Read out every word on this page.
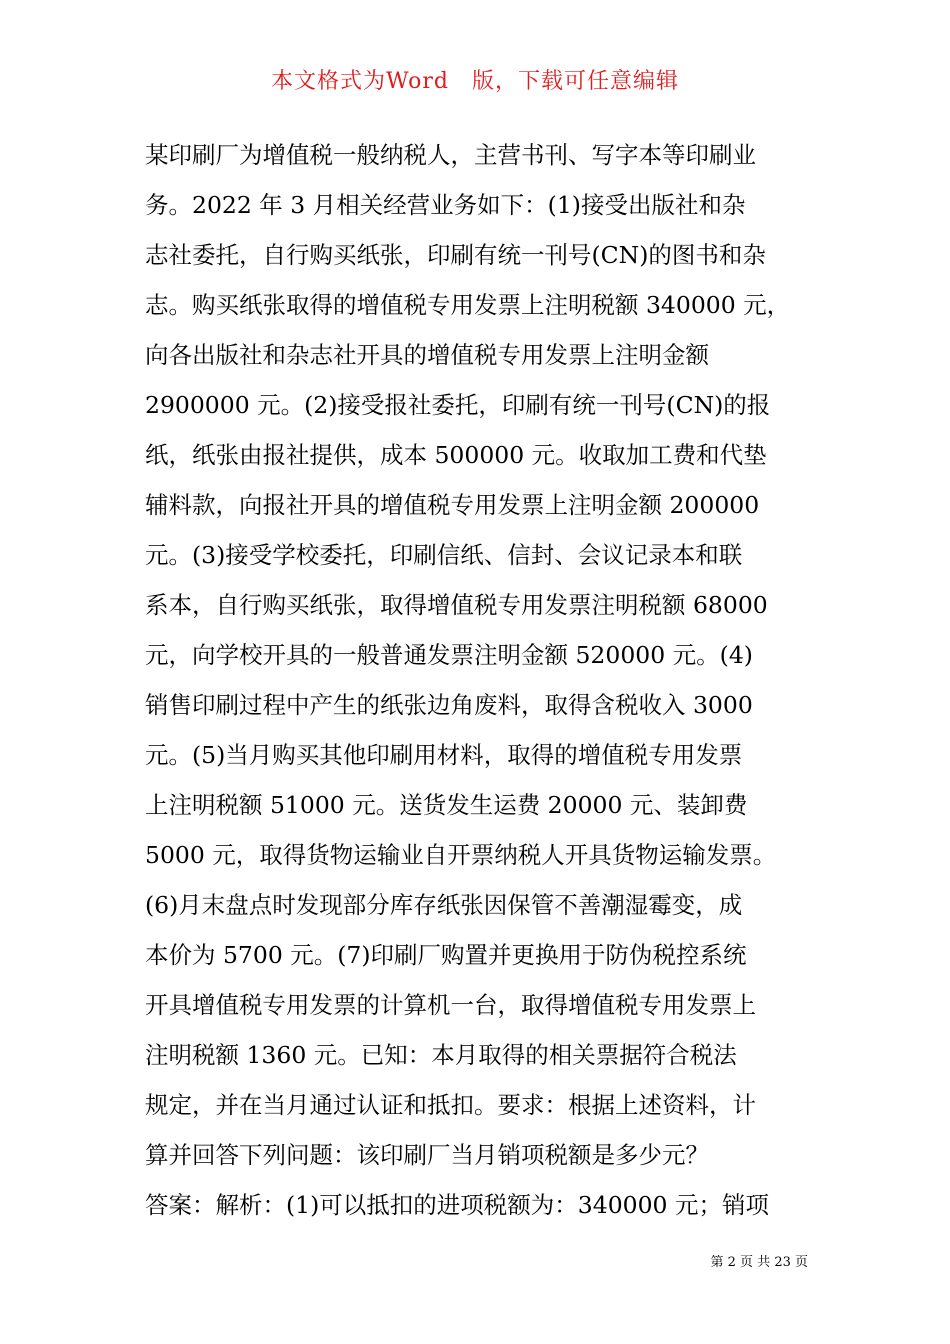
本文格式为Word　版，下载可任意编辑
某印刷厂为增值税一般纳税人，主营书刊、写字本等印刷业
务。2022 年 3 月相关经营业务如下：(1)接受出版社和杂
志社委托，自行购买纸张，印刷有统一刊号(CN)的图书和杂
志。购买纸张取得的增值税专用发票上注明税额 340000 元，
向各出版社和杂志社开具的增值税专用发票上注明金额
2900000 元。(2)接受报社委托，印刷有统一刊号(CN)的报
纸，纸张由报社提供，成本 500000 元。收取加工费和代垫
辅料款，向报社开具的增值税专用发票上注明金额 200000
元。(3)接受学校委托，印刷信纸、信封、会议记录本和联
系本，自行购买纸张，取得增值税专用发票注明税额 68000
元，向学校开具的一般普通发票注明金额 520000 元。(4)
销售印刷过程中产生的纸张边角废料，取得含税收入 3000
元。(5)当月购买其他印刷用材料，取得的增值税专用发票
上注明税额 51000 元。送货发生运费 20000 元、装卸费
5000 元，取得货物运输业自开票纳税人开具货物运输发票。
(6)月末盘点时发现部分库存纸张因保管不善潮湿霉变，成
本价为 5700 元。(7)印刷厂购置并更换用于防伪税控系统
开具增值税专用发票的计算机一台，取得增值税专用发票上
注明税额 1360 元。已知：本月取得的相关票据符合税法
规定，并在当月通过认证和抵扣。要求：根据上述资料，计
算并回答下列问题：该印刷厂当月销项税额是多少元？
答案：解析：(1)可以抵扣的进项税额为：340000 元；销项
第 2 页 共 23 页
